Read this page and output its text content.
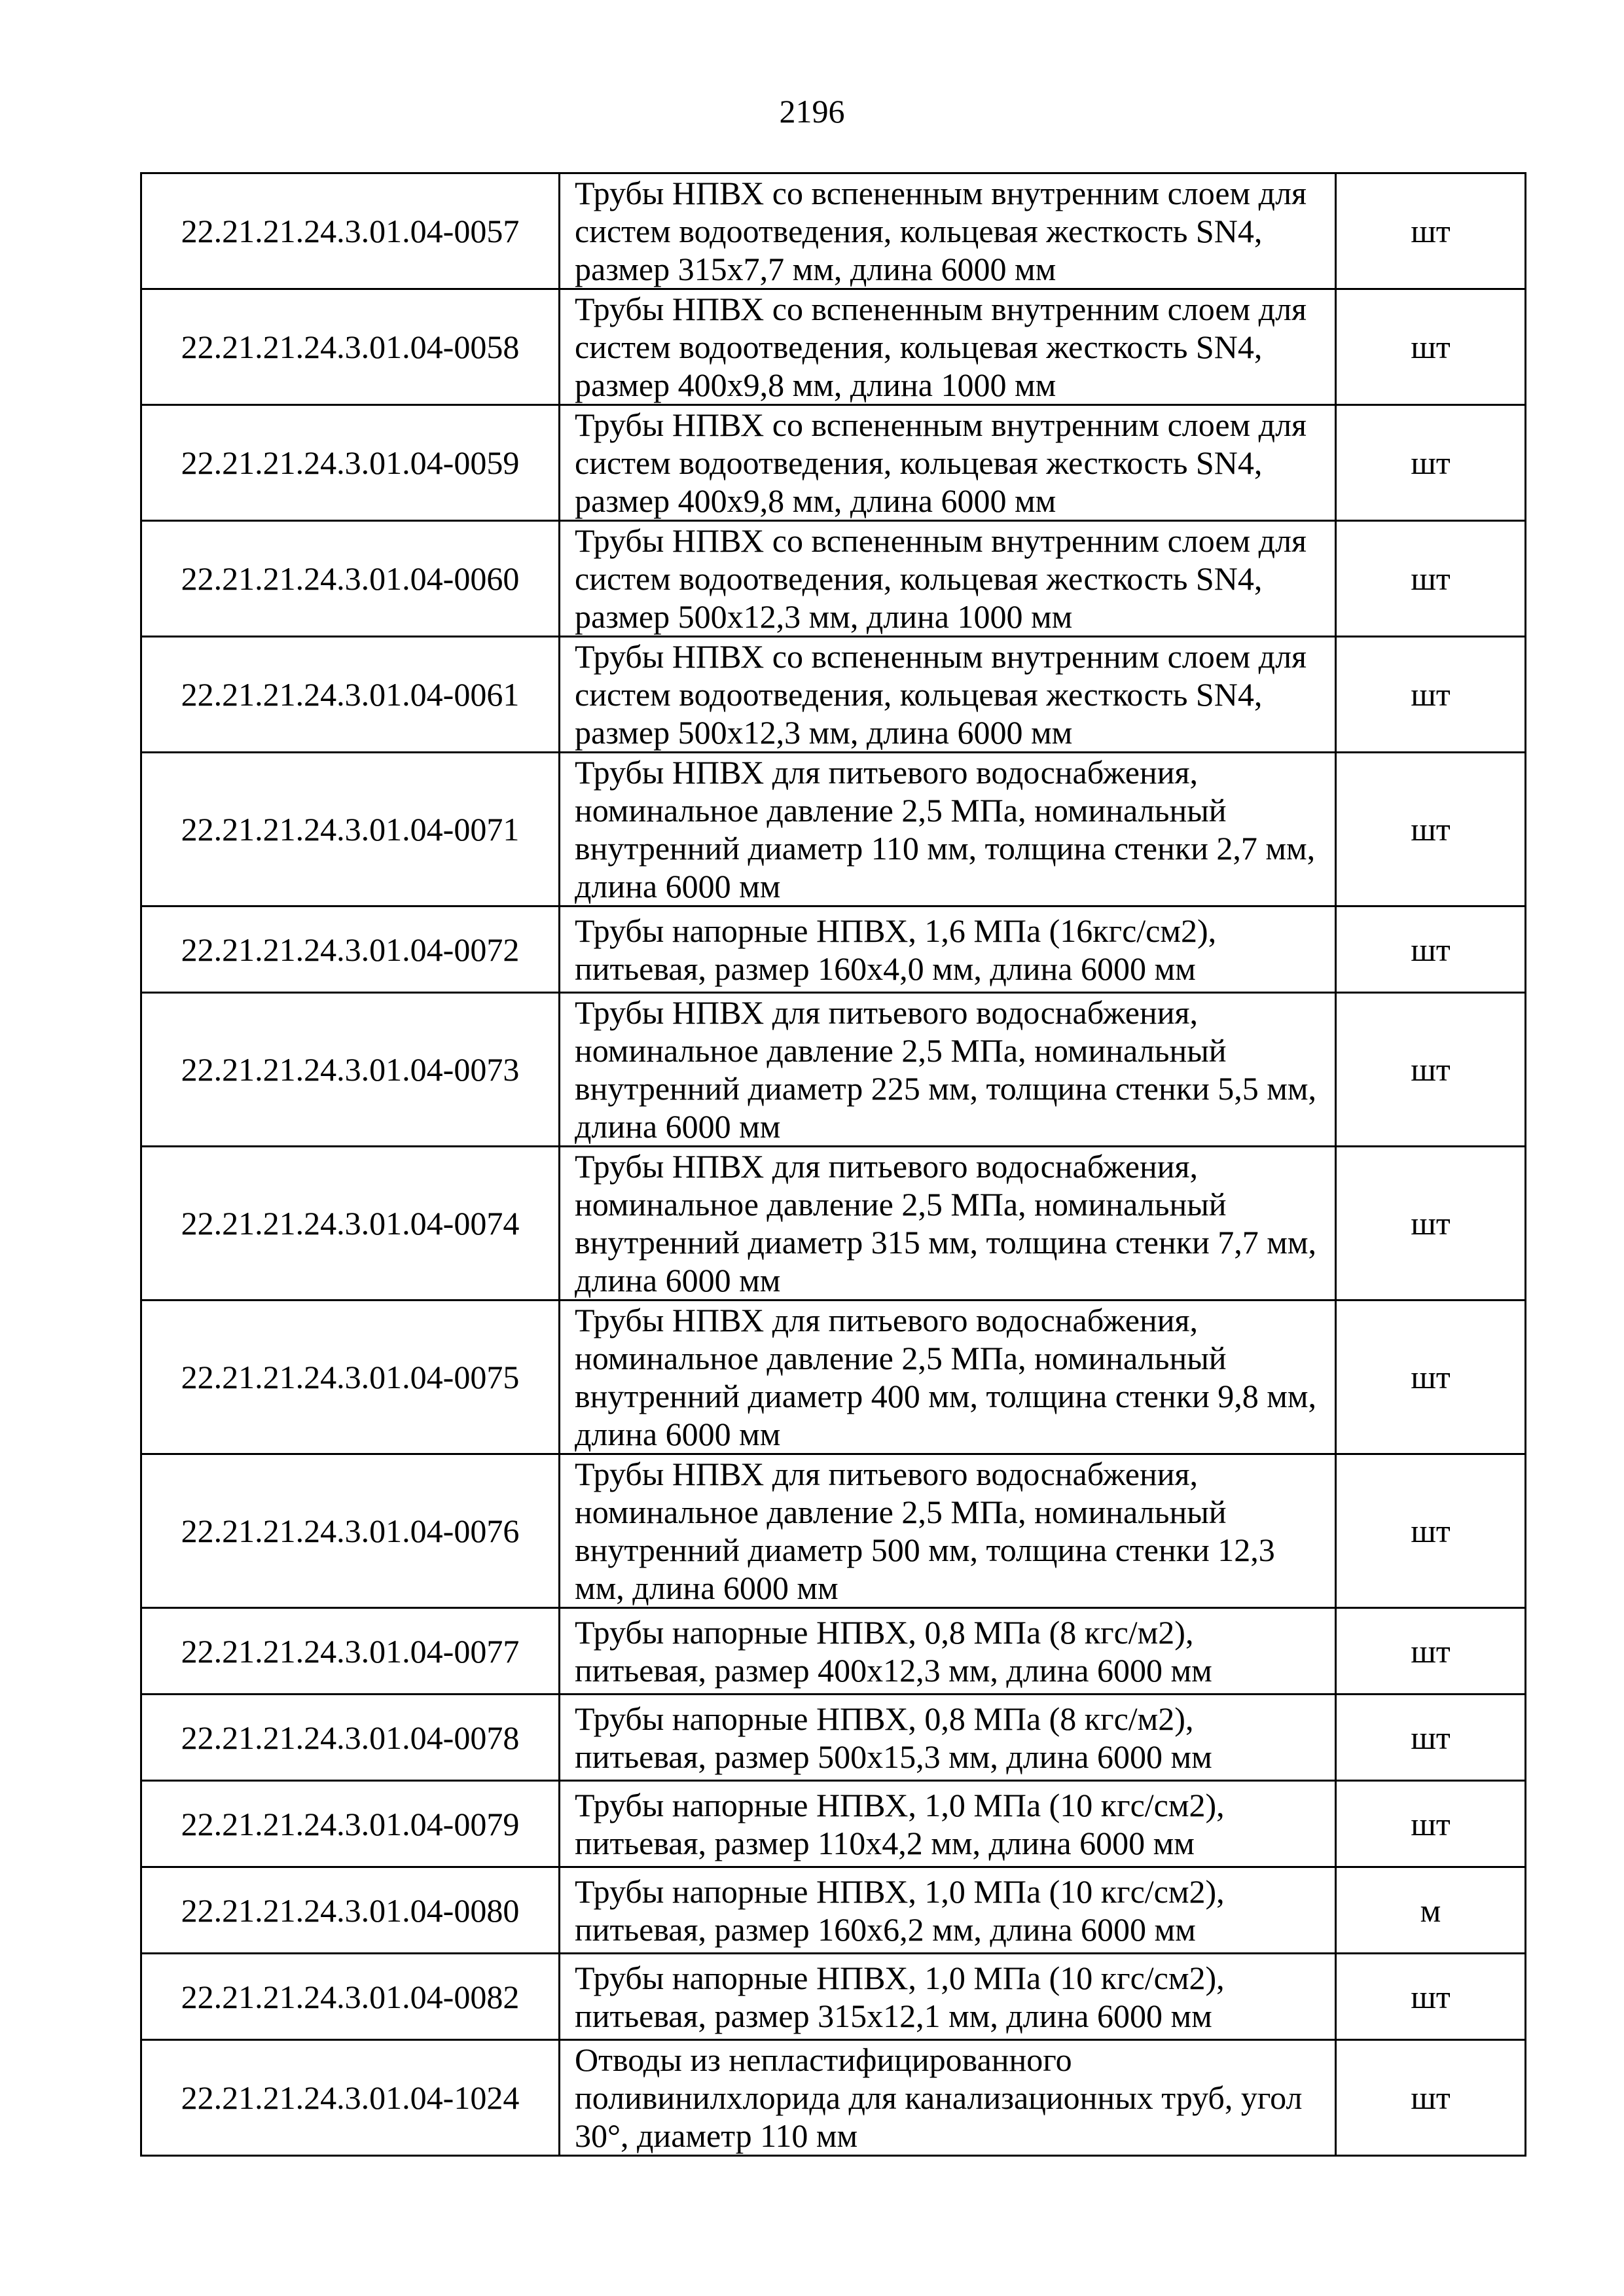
2196
22.21.21.24.3.01.04-0057	Трубы НПВХ со вспененным внутренним слоем для систем водоотведения, кольцевая жесткость SN4, размер 315х7,7 мм, длина 6000 мм	шт
22.21.21.24.3.01.04-0058	Трубы НПВХ со вспененным внутренним слоем для систем водоотведения, кольцевая жесткость SN4, размер 400х9,8 мм, длина 1000 мм	шт
22.21.21.24.3.01.04-0059	Трубы НПВХ со вспененным внутренним слоем для систем водоотведения, кольцевая жесткость SN4, размер 400х9,8 мм, длина 6000 мм	шт
22.21.21.24.3.01.04-0060	Трубы НПВХ со вспененным внутренним слоем для систем водоотведения, кольцевая жесткость SN4, размер 500х12,3 мм, длина 1000 мм	шт
22.21.21.24.3.01.04-0061	Трубы НПВХ со вспененным внутренним слоем для систем водоотведения, кольцевая жесткость SN4, размер 500х12,3 мм, длина 6000 мм	шт
22.21.21.24.3.01.04-0071	Трубы НПВХ для питьевого водоснабжения, номинальное давление 2,5 МПа, номинальный внутренний диаметр 110 мм, толщина стенки 2,7 мм, длина 6000 мм	шт
22.21.21.24.3.01.04-0072	Трубы напорные НПВХ, 1,6 МПа (16кгс/см2), питьевая, размер 160х4,0 мм, длина 6000 мм	шт
22.21.21.24.3.01.04-0073	Трубы НПВХ для питьевого водоснабжения, номинальное давление 2,5 МПа, номинальный внутренний диаметр 225 мм, толщина стенки 5,5 мм, длина 6000 мм	шт
22.21.21.24.3.01.04-0074	Трубы НПВХ для питьевого водоснабжения, номинальное давление 2,5 МПа, номинальный внутренний диаметр 315 мм, толщина стенки 7,7 мм, длина 6000 мм	шт
22.21.21.24.3.01.04-0075	Трубы НПВХ для питьевого водоснабжения, номинальное давление 2,5 МПа, номинальный внутренний диаметр 400 мм, толщина стенки 9,8 мм, длина 6000 мм	шт
22.21.21.24.3.01.04-0076	Трубы НПВХ для питьевого водоснабжения, номинальное давление 2,5 МПа, номинальный внутренний диаметр 500 мм, толщина стенки 12,3 мм, длина 6000 мм	шт
22.21.21.24.3.01.04-0077	Трубы напорные НПВХ, 0,8 МПа (8 кгс/м2), питьевая, размер 400х12,3 мм, длина 6000 мм	шт
22.21.21.24.3.01.04-0078	Трубы напорные НПВХ, 0,8 МПа (8 кгс/м2), питьевая, размер 500х15,3 мм, длина 6000 мм	шт
22.21.21.24.3.01.04-0079	Трубы напорные НПВХ, 1,0 МПа (10 кгс/см2), питьевая, размер 110х4,2 мм, длина 6000 мм	шт
22.21.21.24.3.01.04-0080	Трубы напорные НПВХ, 1,0 МПа (10 кгс/см2), питьевая, размер 160х6,2 мм, длина 6000 мм	м
22.21.21.24.3.01.04-0082	Трубы напорные НПВХ, 1,0 МПа (10 кгс/см2), питьевая, размер 315х12,1 мм, длина 6000 мм	шт
22.21.21.24.3.01.04-1024	Отводы из непластифицированного поливинилхлорида для канализационных труб, угол 30°, диаметр 110 мм	шт
